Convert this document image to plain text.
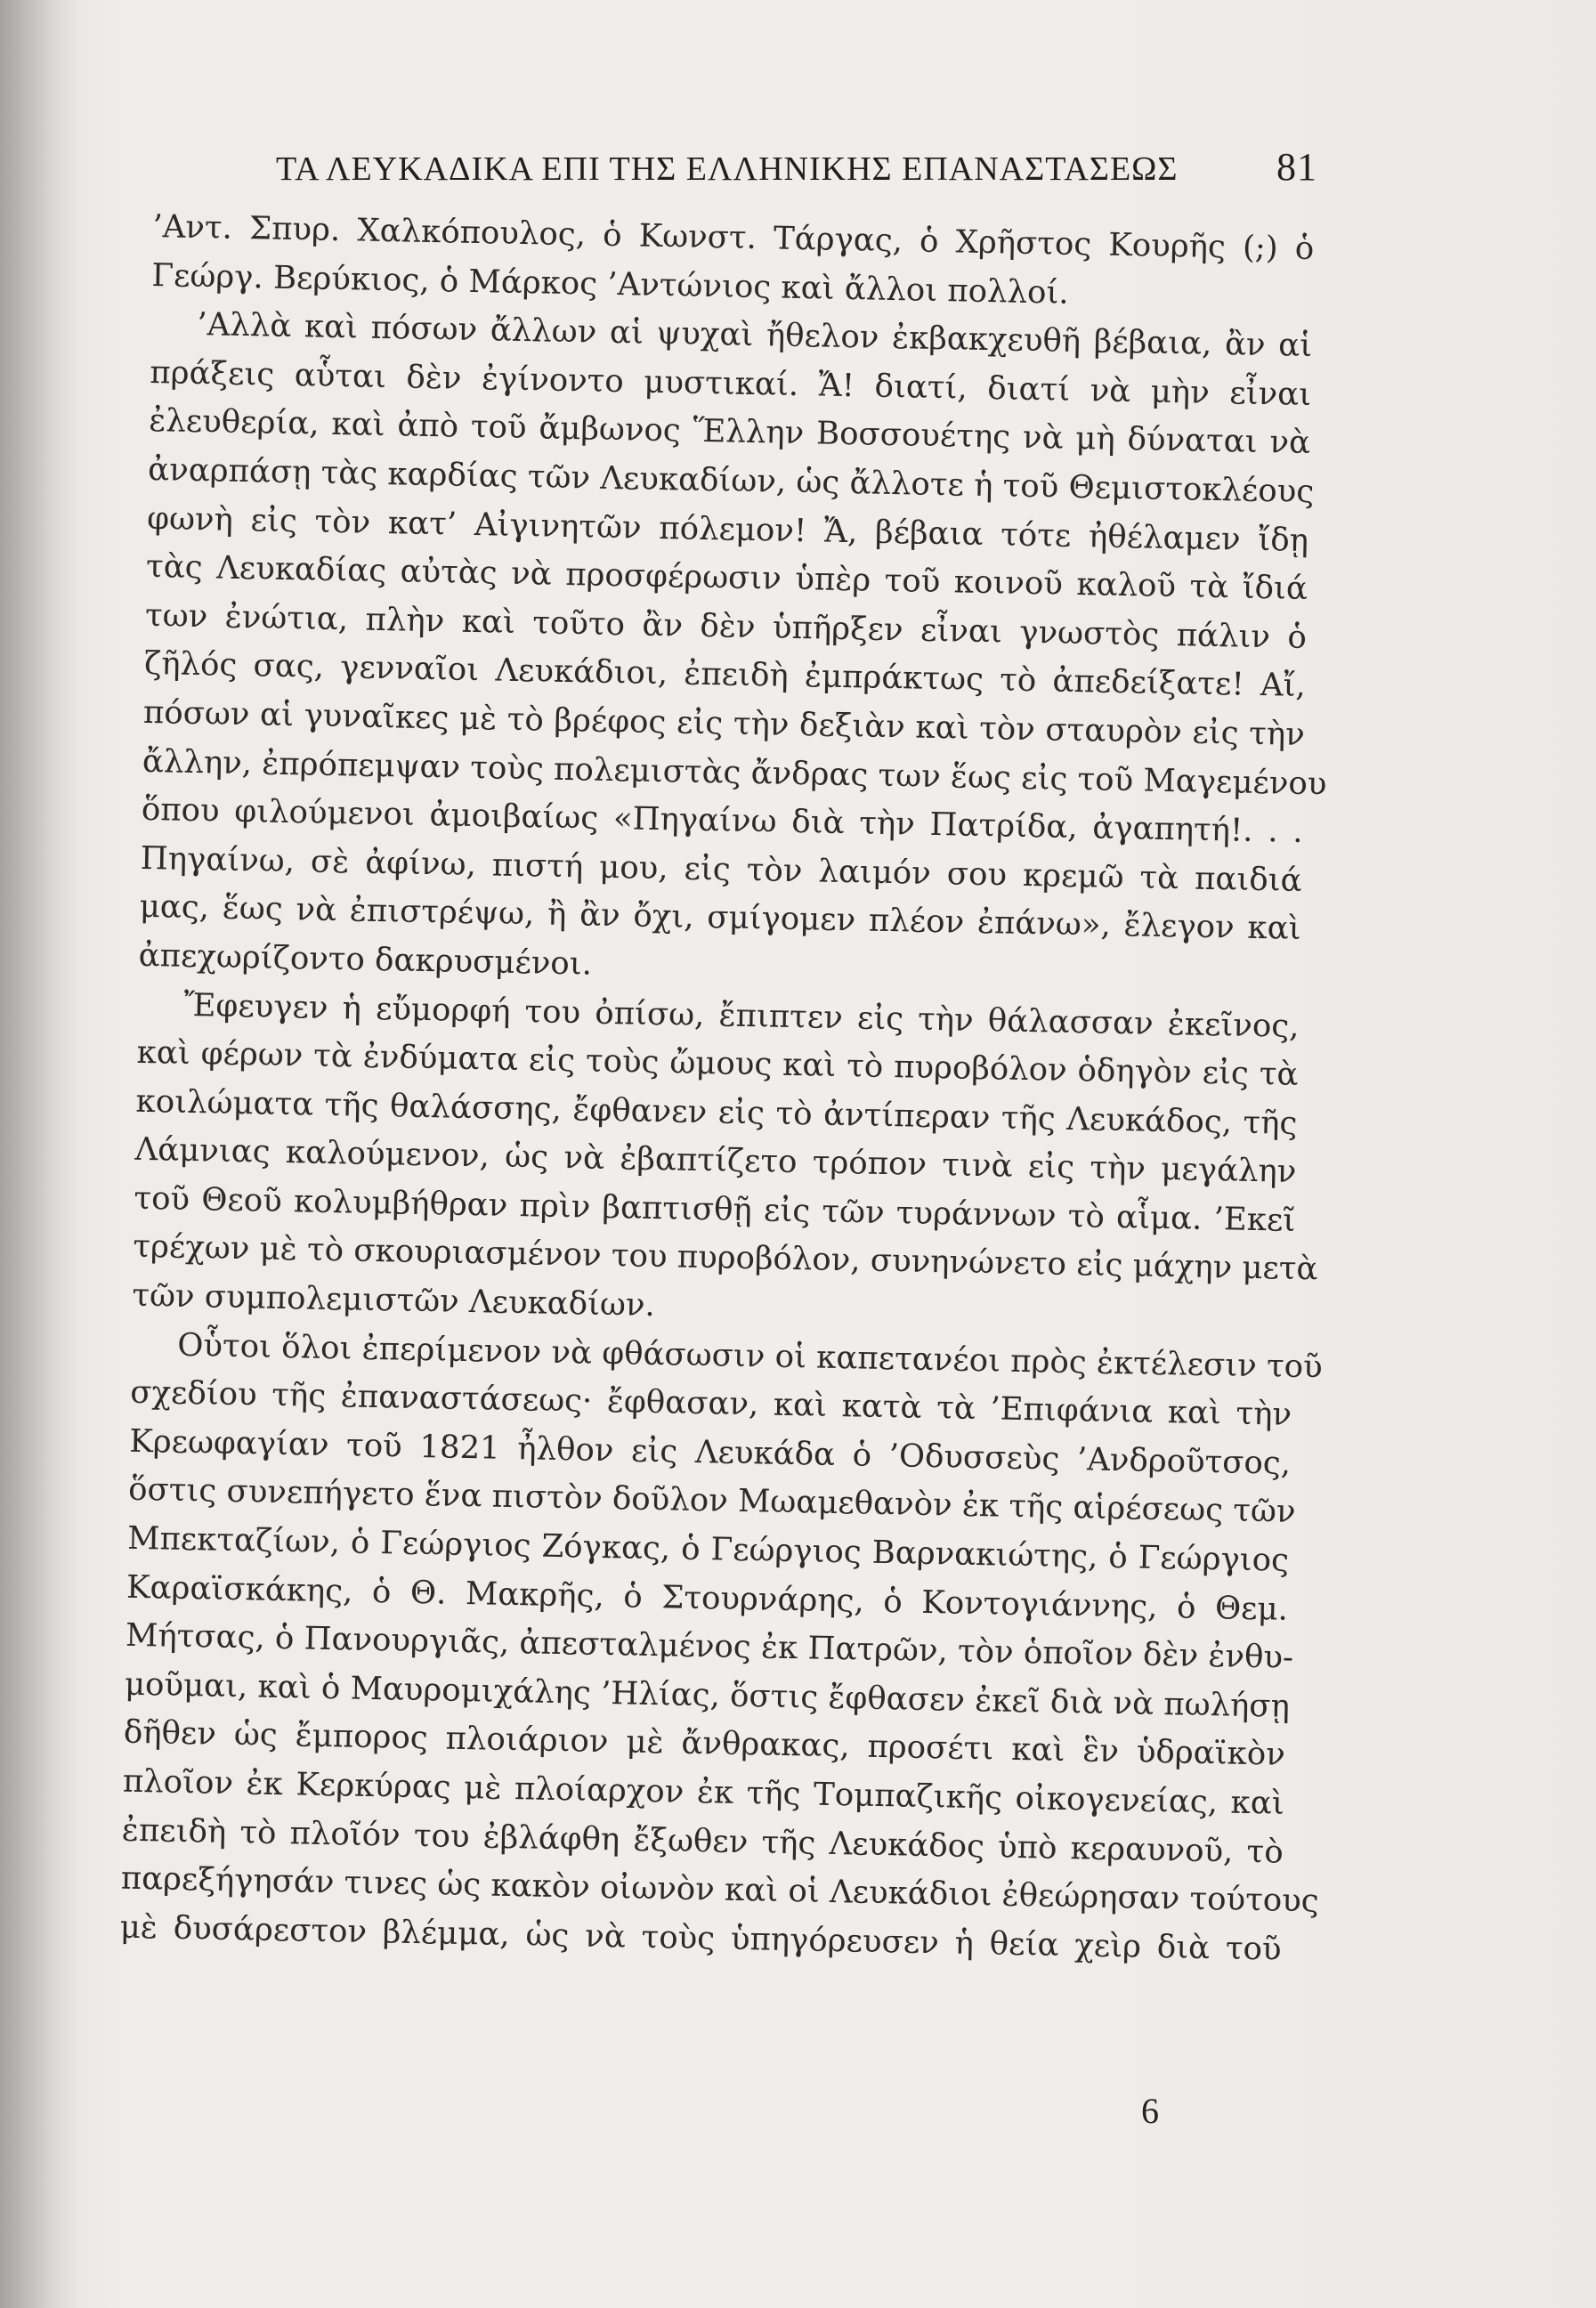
ΤΑ ΛΕΥΚΑΔΙΚΑ ΕΠΙ ΤΗΣ ΕΛΛΗΝΙΚΗΣ ΕΠΑΝΑΣΤΑΣΕΩΣ	81
’Αντ. Σπυρ. Χαλκόπουλος, ὁ Κωνστ. Τάργας, ὁ Χρῆστος Κουρῆς (;) ὁ
Γεώργ. Βερύκιος, ὁ Μάρκος ’Αντώνιος καὶ ἄλλοι πολλοί.
’Αλλὰ καὶ πόσων ἄλλων αἱ ψυχαὶ ἤθελον ἐκβακχευθῆ βέβαια, ἂν αἱ
πράξεις αὗται δὲν ἐγίνοντο μυστικαί. Ἄ! διατί, διατί νὰ μὴν εἶναι
ἐλευθερία, καὶ ἀπὸ τοῦ ἄμβωνος Ἕλλην Βοσσουέτης νὰ μὴ δύναται νὰ
ἀναρπάσῃ τὰς καρδίας τῶν Λευκαδίων, ὡς ἄλλοτε ἡ τοῦ Θεμιστοκλέους
φωνὴ εἰς τὸν κατ’ Αἰγινητῶν πόλεμον! Ἄ, βέβαια τότε ἠθέλαμεν ἴδῃ
τὰς Λευκαδίας αὐτὰς νὰ προσφέρωσιν ὑπὲρ τοῦ κοινοῦ καλοῦ τὰ ἴδιά
των ἐνώτια, πλὴν καὶ τοῦτο ἂν δὲν ὑπῆρξεν εἶναι γνωστὸς πάλιν ὁ
ζῆλός σας, γενναῖοι Λευκάδιοι, ἐπειδὴ ἐμπράκτως τὸ ἀπεδείξατε! Αἴ,
πόσων αἱ γυναῖκες μὲ τὸ βρέφος εἰς τὴν δεξιὰν καὶ τὸν σταυρὸν εἰς τὴν
ἄλλην, ἐπρόπεμψαν τοὺς πολεμιστὰς ἄνδρας των ἕως εἰς τοῦ Μαγεμένου
ὅπου φιλούμενοι ἀμοιβαίως «Πηγαίνω διὰ τὴν Πατρίδα, ἀγαπητή!. . .
Πηγαίνω, σὲ ἀφίνω, πιστή μου, εἰς τὸν λαιμόν σου κρεμῶ τὰ παιδιά
μας, ἕως νὰ ἐπιστρέψω, ἢ ἂν ὄχι, σμίγομεν πλέον ἐπάνω», ἔλεγον καὶ
ἀπεχωρίζοντο δακρυσμένοι.
Ἔφευγεν ἡ εὔμορφή του ὀπίσω, ἔπιπτεν εἰς τὴν θάλασσαν ἐκεῖνος,
καὶ φέρων τὰ ἐνδύματα εἰς τοὺς ὤμους καὶ τὸ πυροβόλον ὁδηγὸν εἰς τὰ
κοιλώματα τῆς θαλάσσης, ἔφθανεν εἰς τὸ ἀντίπεραν τῆς Λευκάδος, τῆς
Λάμνιας καλούμενον, ὡς νὰ ἐβαπτίζετο τρόπον τινὰ εἰς τὴν μεγάλην
τοῦ Θεοῦ κολυμβήθραν πρὶν βαπτισθῇ εἰς τῶν τυράννων τὸ αἷμα. ’Εκεῖ
τρέχων μὲ τὸ σκουριασμένον του πυροβόλον, συνηνώνετο εἰς μάχην μετὰ
τῶν συμπολεμιστῶν Λευκαδίων.
Οὗτοι ὅλοι ἐπερίμενον νὰ φθάσωσιν οἱ καπετανέοι πρὸς ἐκτέλεσιν τοῦ
σχεδίου τῆς ἐπαναστάσεως· ἔφθασαν, καὶ κατὰ τὰ ’Επιφάνια καὶ τὴν
Κρεωφαγίαν τοῦ 1821 ἦλθον εἰς Λευκάδα ὁ ’Οδυσσεὺς ’Ανδροῦτσος,
ὅστις συνεπήγετο ἕνα πιστὸν δοῦλον Μωαμεθανὸν ἐκ τῆς αἱρέσεως τῶν
Μπεκταζίων, ὁ Γεώργιος Ζόγκας, ὁ Γεώργιος Βαρνακιώτης, ὁ Γεώργιος
Καραϊσκάκης, ὁ Θ. Μακρῆς, ὁ Στουρνάρης, ὁ Κοντογιάννης, ὁ Θεμ.
Μήτσας, ὁ Πανουργιᾶς, ἀπεσταλμένος ἐκ Πατρῶν, τὸν ὁποῖον δὲν ἐνθυ-
μοῦμαι, καὶ ὁ Μαυρομιχάλης ’Ηλίας, ὅστις ἔφθασεν ἐκεῖ διὰ νὰ πωλήσῃ
δῆθεν ὡς ἔμπορος πλοιάριον μὲ ἄνθρακας, προσέτι καὶ ἓν ὑδραϊκὸν
πλοῖον ἐκ Κερκύρας μὲ πλοίαρχον ἐκ τῆς Τομπαζικῆς οἰκογενείας, καὶ
ἐπειδὴ τὸ πλοῖόν του ἐβλάφθη ἔξωθεν τῆς Λευκάδος ὑπὸ κεραυνοῦ, τὸ
παρεξήγησάν τινες ὡς κακὸν οἰωνὸν καὶ οἱ Λευκάδιοι ἐθεώρησαν τούτους
μὲ δυσάρεστον βλέμμα, ὡς νὰ τοὺς ὑπηγόρευσεν ἡ θεία χεὶρ διὰ τοῦ
6
